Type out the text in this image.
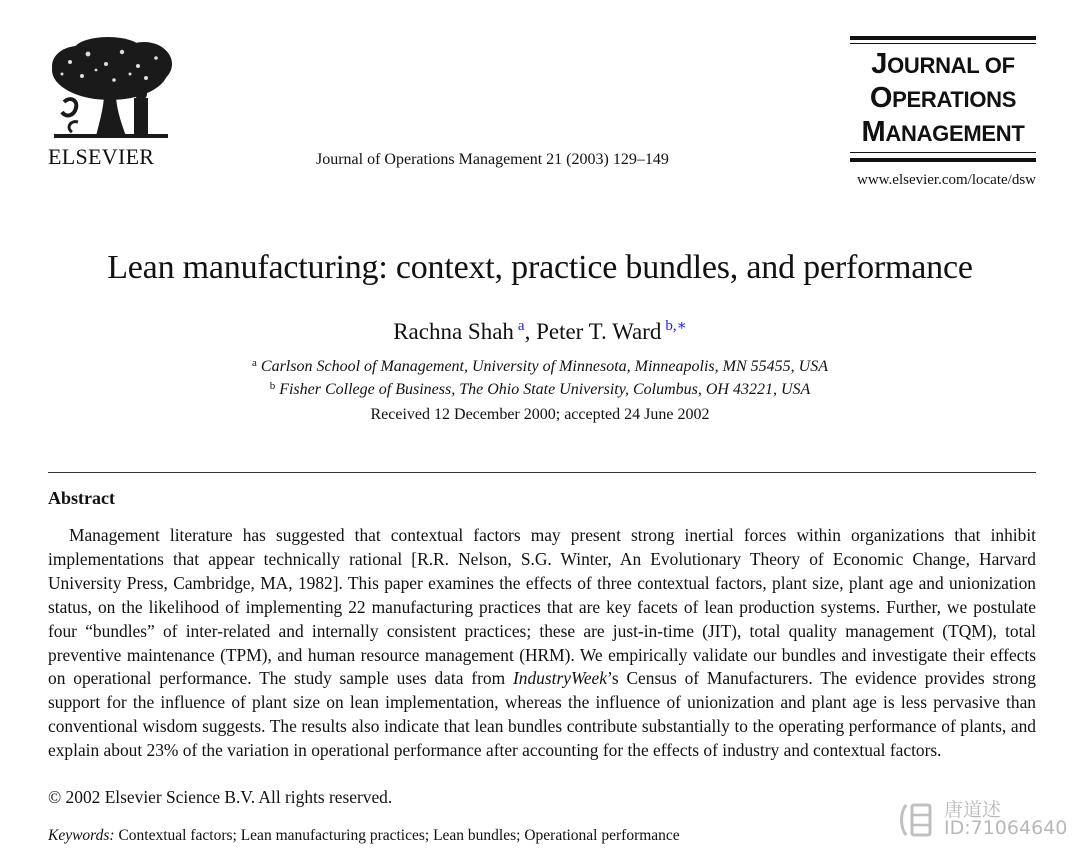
ELSEVIER	Journal of Operations Management 21 (2003) 129–149
JOURNAL OF
OPERATIONS
MANAGEMENT
www.elsevier.com/locate/dsw
Lean manufacturing: context, practice bundles, and performance
Rachna Shah $^a$, Peter T. Ward $^{b,∗}$
$^a$ Carlson School of Management, University of Minnesota, Minneapolis, MN 55455, USA
$^b$ Fisher College of Business, The Ohio State University, Columbus, OH 43221, USA
Received 12 December 2000; accepted 24 June 2002
Abstract
Management literature has suggested that contextual factors may present strong inertial forces within organizations that inhibit implementations that appear technically rational [R.R. Nelson, S.G. Winter, An Evolutionary Theory of Economic Change, Harvard University Press, Cambridge, MA, 1982]. This paper examines the effects of three contextual factors, plant size, plant age and unionization status, on the likelihood of implementing 22 manufacturing practices that are key facets of lean production systems. Further, we postulate four “bundles” of inter-related and internally consistent practices; these are just-in-time (JIT), total quality management (TQM), total preventive maintenance (TPM), and human resource management (HRM). We empirically validate our bundles and investigate their effects on operational performance. The study sample uses data from IndustryWeek’s Census of Manufacturers. The evidence provides strong support for the influence of plant size on lean implementation, whereas the influence of unionization and plant age is less pervasive than conventional wisdom suggests. The results also indicate that lean bundles contribute substantially to the operating performance of plants, and explain about 23% of the variation in operational performance after accounting for the effects of industry and contextual factors.
© 2002 Elsevier Science B.V. All rights reserved.
Keywords: Contextual factors; Lean manufacturing practices; Lean bundles; Operational performance
唐道述
ID:71064640
